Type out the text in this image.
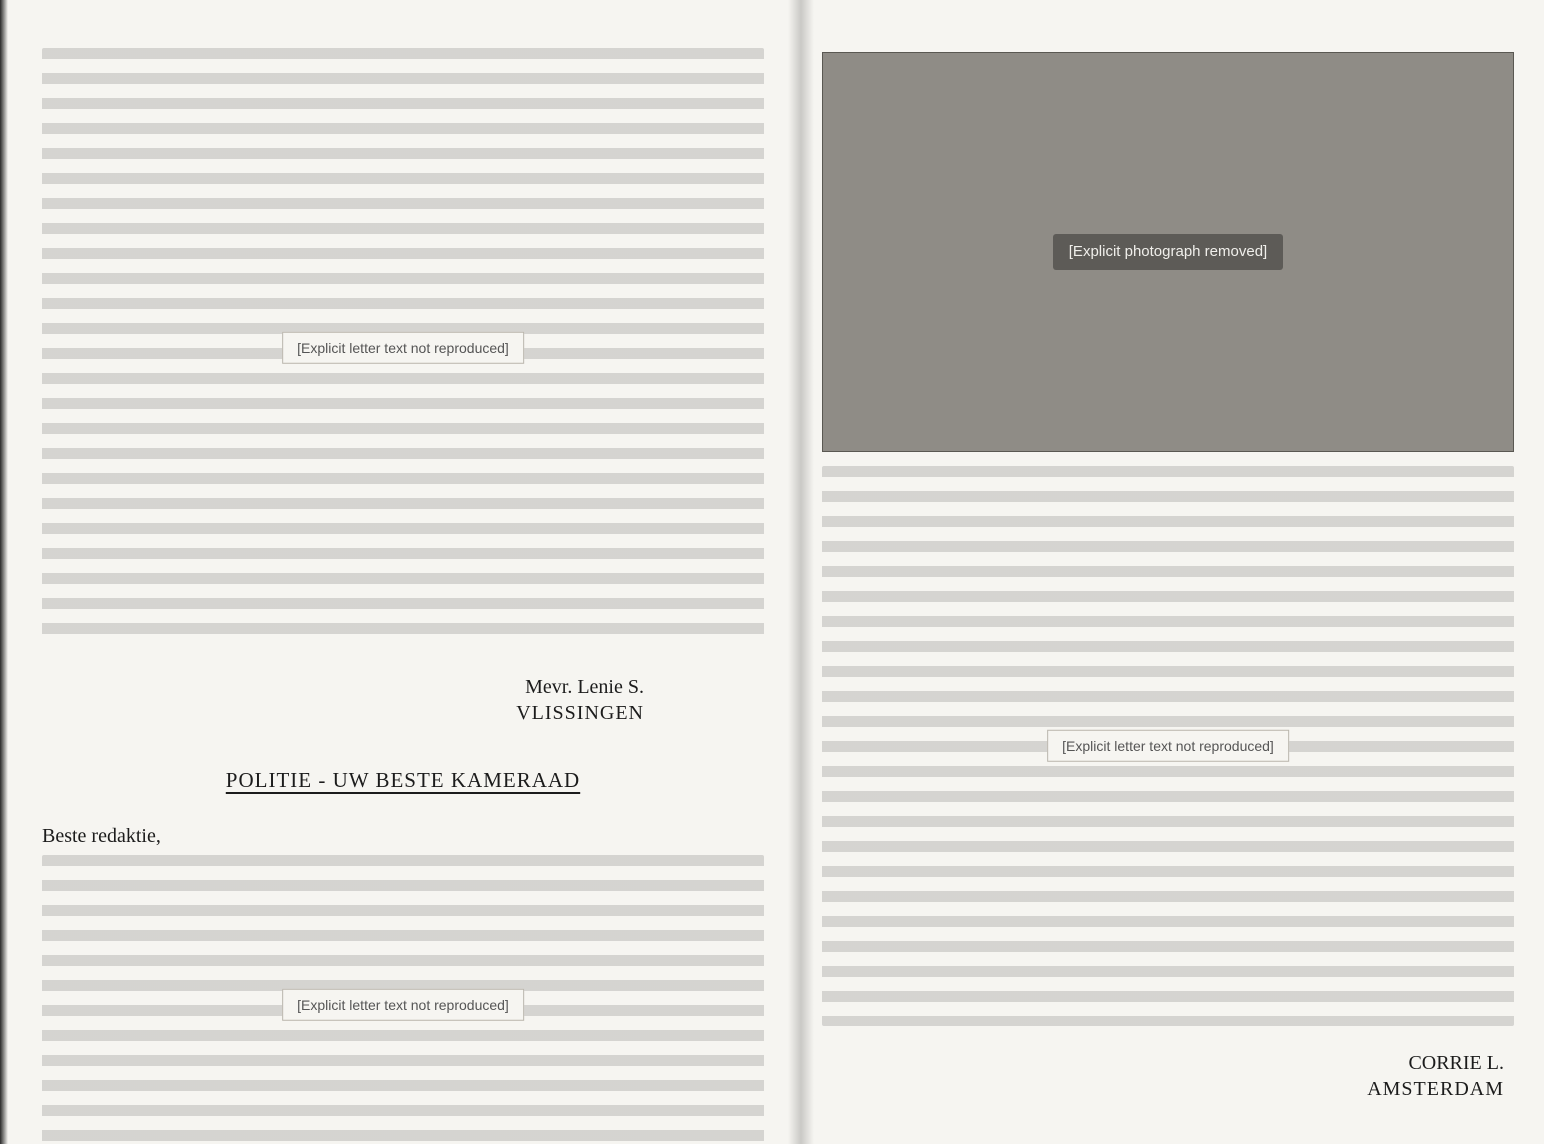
[Explicit letter text not reproduced]
Mevr. Lenie S.
VLISSINGEN
POLITIE - UW BESTE KAMERAAD
Beste redaktie,
[Explicit letter text not reproduced]
[Explicit photograph removed]
[Explicit letter text not reproduced]
CORRIE L.
AMSTERDAM
